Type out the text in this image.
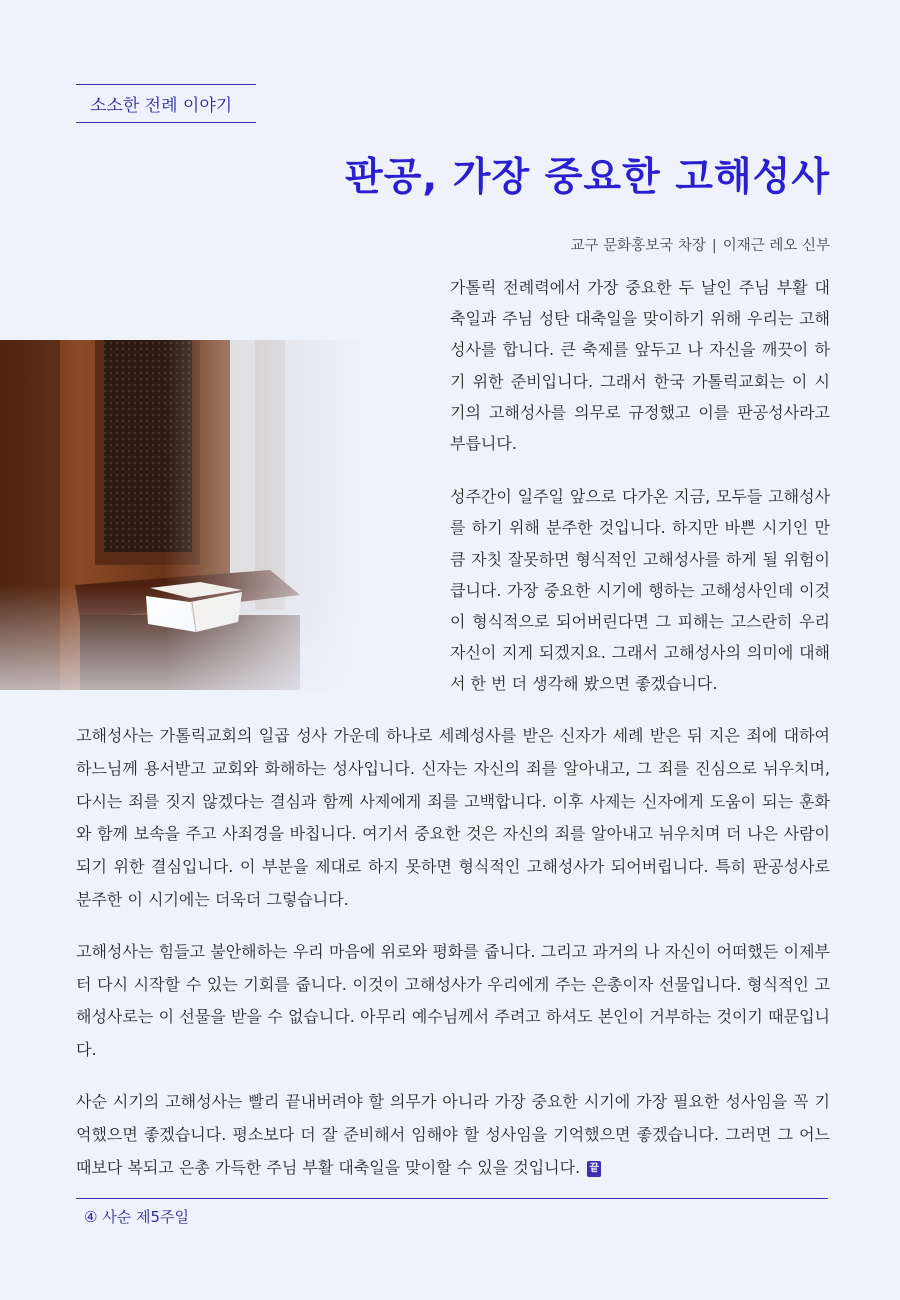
소소한 전례 이야기
판공, 가장 중요한 고해성사
교구 문화홍보국 차장 | 이재근 레오 신부

가톨릭 전례력에서 가장 중요한 두 날인 주님 부활 대축일과 주님 성탄 대축일을 맞이하기 위해 우리는 고해성사를 합니다. 큰 축제를 앞두고 나 자신을 깨끗이 하기 위한 준비입니다. 그래서 한국 가톨릭교회는 이 시기의 고해성사를 의무로 규정했고 이를 판공성사라고 부릅니다.

성주간이 일주일 앞으로 다가온 지금, 모두들 고해성사를 하기 위해 분주한 것입니다. 하지만 바쁜 시기인 만큼 자칫 잘못하면 형식적인 고해성사를 하게 될 위험이 큽니다. 가장 중요한 시기에 행하는 고해성사인데 이것이 형식적으로 되어버린다면 그 피해는 고스란히 우리 자신이 지게 되겠지요. 그래서 고해성사의 의미에 대해서 한 번 더 생각해 봤으면 좋겠습니다.

고해성사는 가톨릭교회의 일곱 성사 가운데 하나로 세례성사를 받은 신자가 세례 받은 뒤 지은 죄에 대하여 하느님께 용서받고 교회와 화해하는 성사입니다. 신자는 자신의 죄를 알아내고, 그 죄를 진심으로 뉘우치며, 다시는 죄를 짓지 않겠다는 결심과 함께 사제에게 죄를 고백합니다. 이후 사제는 신자에게 도움이 되는 훈화와 함께 보속을 주고 사죄경을 바칩니다. 여기서 중요한 것은 자신의 죄를 알아내고 뉘우치며 더 나은 사람이 되기 위한 결심입니다. 이 부분을 제대로 하지 못하면 형식적인 고해성사가 되어버립니다. 특히 판공성사로 분주한 이 시기에는 더욱더 그렇습니다.

고해성사는 힘들고 불안해하는 우리 마음에 위로와 평화를 줍니다. 그리고 과거의 나 자신이 어떠했든 이제부터 다시 시작할 수 있는 기회를 줍니다. 이것이 고해성사가 우리에게 주는 은총이자 선물입니다. 형식적인 고해성사로는 이 선물을 받을 수 없습니다. 아무리 예수님께서 주려고 하셔도 본인이 거부하는 것이기 때문입니다.

사순 시기의 고해성사는 빨리 끝내버려야 할 의무가 아니라 가장 중요한 시기에 가장 필요한 성사임을 꼭 기억했으면 좋겠습니다. 평소보다 더 잘 준비해서 임해야 할 성사임을 기억했으면 좋겠습니다. 그러면 그 어느 때보다 복되고 은총 가득한 주님 부활 대축일을 맞이할 수 있을 것입니다. 끝

④ 사순 제5주일
